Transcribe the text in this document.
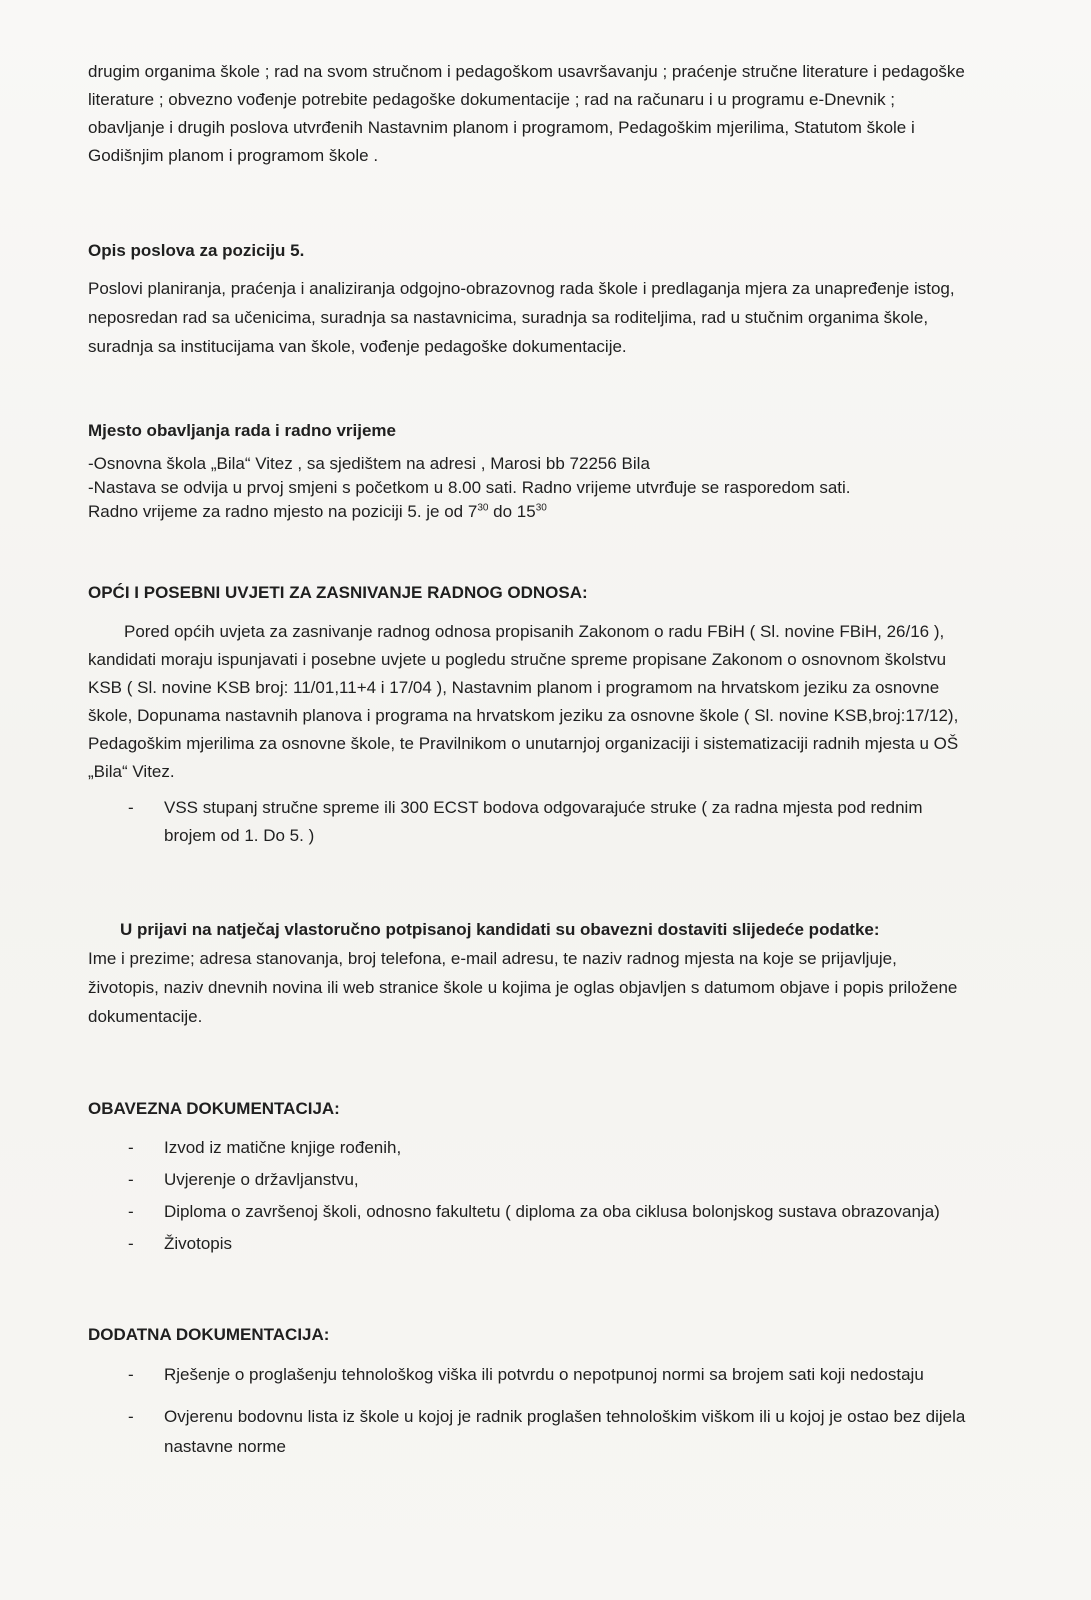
drugim organima škole ; rad na svom stručnom i pedagoškom usavršavanju ; praćenje stručne literature i pedagoške literature ; obvezno vođenje potrebite pedagoške dokumentacije ; rad na računaru i u programu e-Dnevnik ; obavljanje i drugih poslova utvrđenih Nastavnim planom i programom, Pedagoškim mjerilima, Statutom škole i Godišnjim planom i programom škole .

Opis poslova za poziciju 5.

Poslovi planiranja, praćenja i analiziranja odgojno-obrazovnog rada škole i predlaganja mjera za unapređenje istog, neposredan rad sa učenicima, suradnja sa nastavnicima, suradnja sa roditeljima, rad u stučnim organima škole, suradnja sa institucijama van škole, vođenje pedagoške dokumentacije.

Mjesto obavljanja rada i radno vrijeme

-Osnovna škola „Bila“ Vitez , sa sjedištem na adresi , Marosi bb 72256 Bila

-Nastava se odvija u prvoj smjeni s početkom u 8.00 sati. Radno vrijeme utvrđuje se rasporedom sati.

Radno vrijeme za radno mjesto na poziciji 5. je od $7^{30}$ do $15^{30}$

OPĆI I POSEBNI UVJETI ZA ZASNIVANJE RADNOG ODNOSA:

Pored općih uvjeta za zasnivanje radnog odnosa propisanih Zakonom o radu FBiH ( Sl. novine FBiH, 26/16 ), kandidati moraju ispunjavati i posebne uvjete u pogledu stručne spreme propisane Zakonom o osnovnom školstvu KSB ( Sl. novine KSB broj: 11/01,11+4 i 17/04 ), Nastavnim planom i programom na hrvatskom jeziku za osnovne škole, Dopunama nastavnih planova i programa na hrvatskom jeziku za osnovne škole ( Sl. novine KSB,broj:17/12), Pedagoškim mjerilima za osnovne škole, te Pravilnikom o unutarnjoj organizaciji i sistematizaciji radnih mjesta u OŠ „Bila“ Vitez.

- VSS stupanj stručne spreme ili 300 ECST bodova odgovarajuće struke ( za radna mjesta pod rednim brojem od 1. Do 5. )

U prijavi na natječaj vlastoručno potpisanoj kandidati su obavezni dostaviti slijedeće podatke:

Ime i prezime; adresa stanovanja, broj telefona, e-mail adresu, te naziv radnog mjesta na koje se prijavljuje, životopis, naziv dnevnih novina ili web stranice škole u kojima je oglas objavljen s datumom objave i popis priložene dokumentacije.

OBAVEZNA DOKUMENTACIJA:
- Izvod iz matične knjige rođenih,
- Uvjerenje o državljanstvu,
- Diploma o završenoj školi, odnosno fakultetu ( diploma za oba ciklusa bolonjskog sustava obrazovanja)
- Životopis
DODATNA DOKUMENTACIJA:
- Rješenje o proglašenju tehnološkog viška ili potvrdu o nepotpunoj normi sa brojem sati koji nedostaju
- Ovjerenu bodovnu lista iz škole u kojoj je radnik proglašen tehnološkim viškom ili u kojoj je ostao bez dijela nastavne norme
